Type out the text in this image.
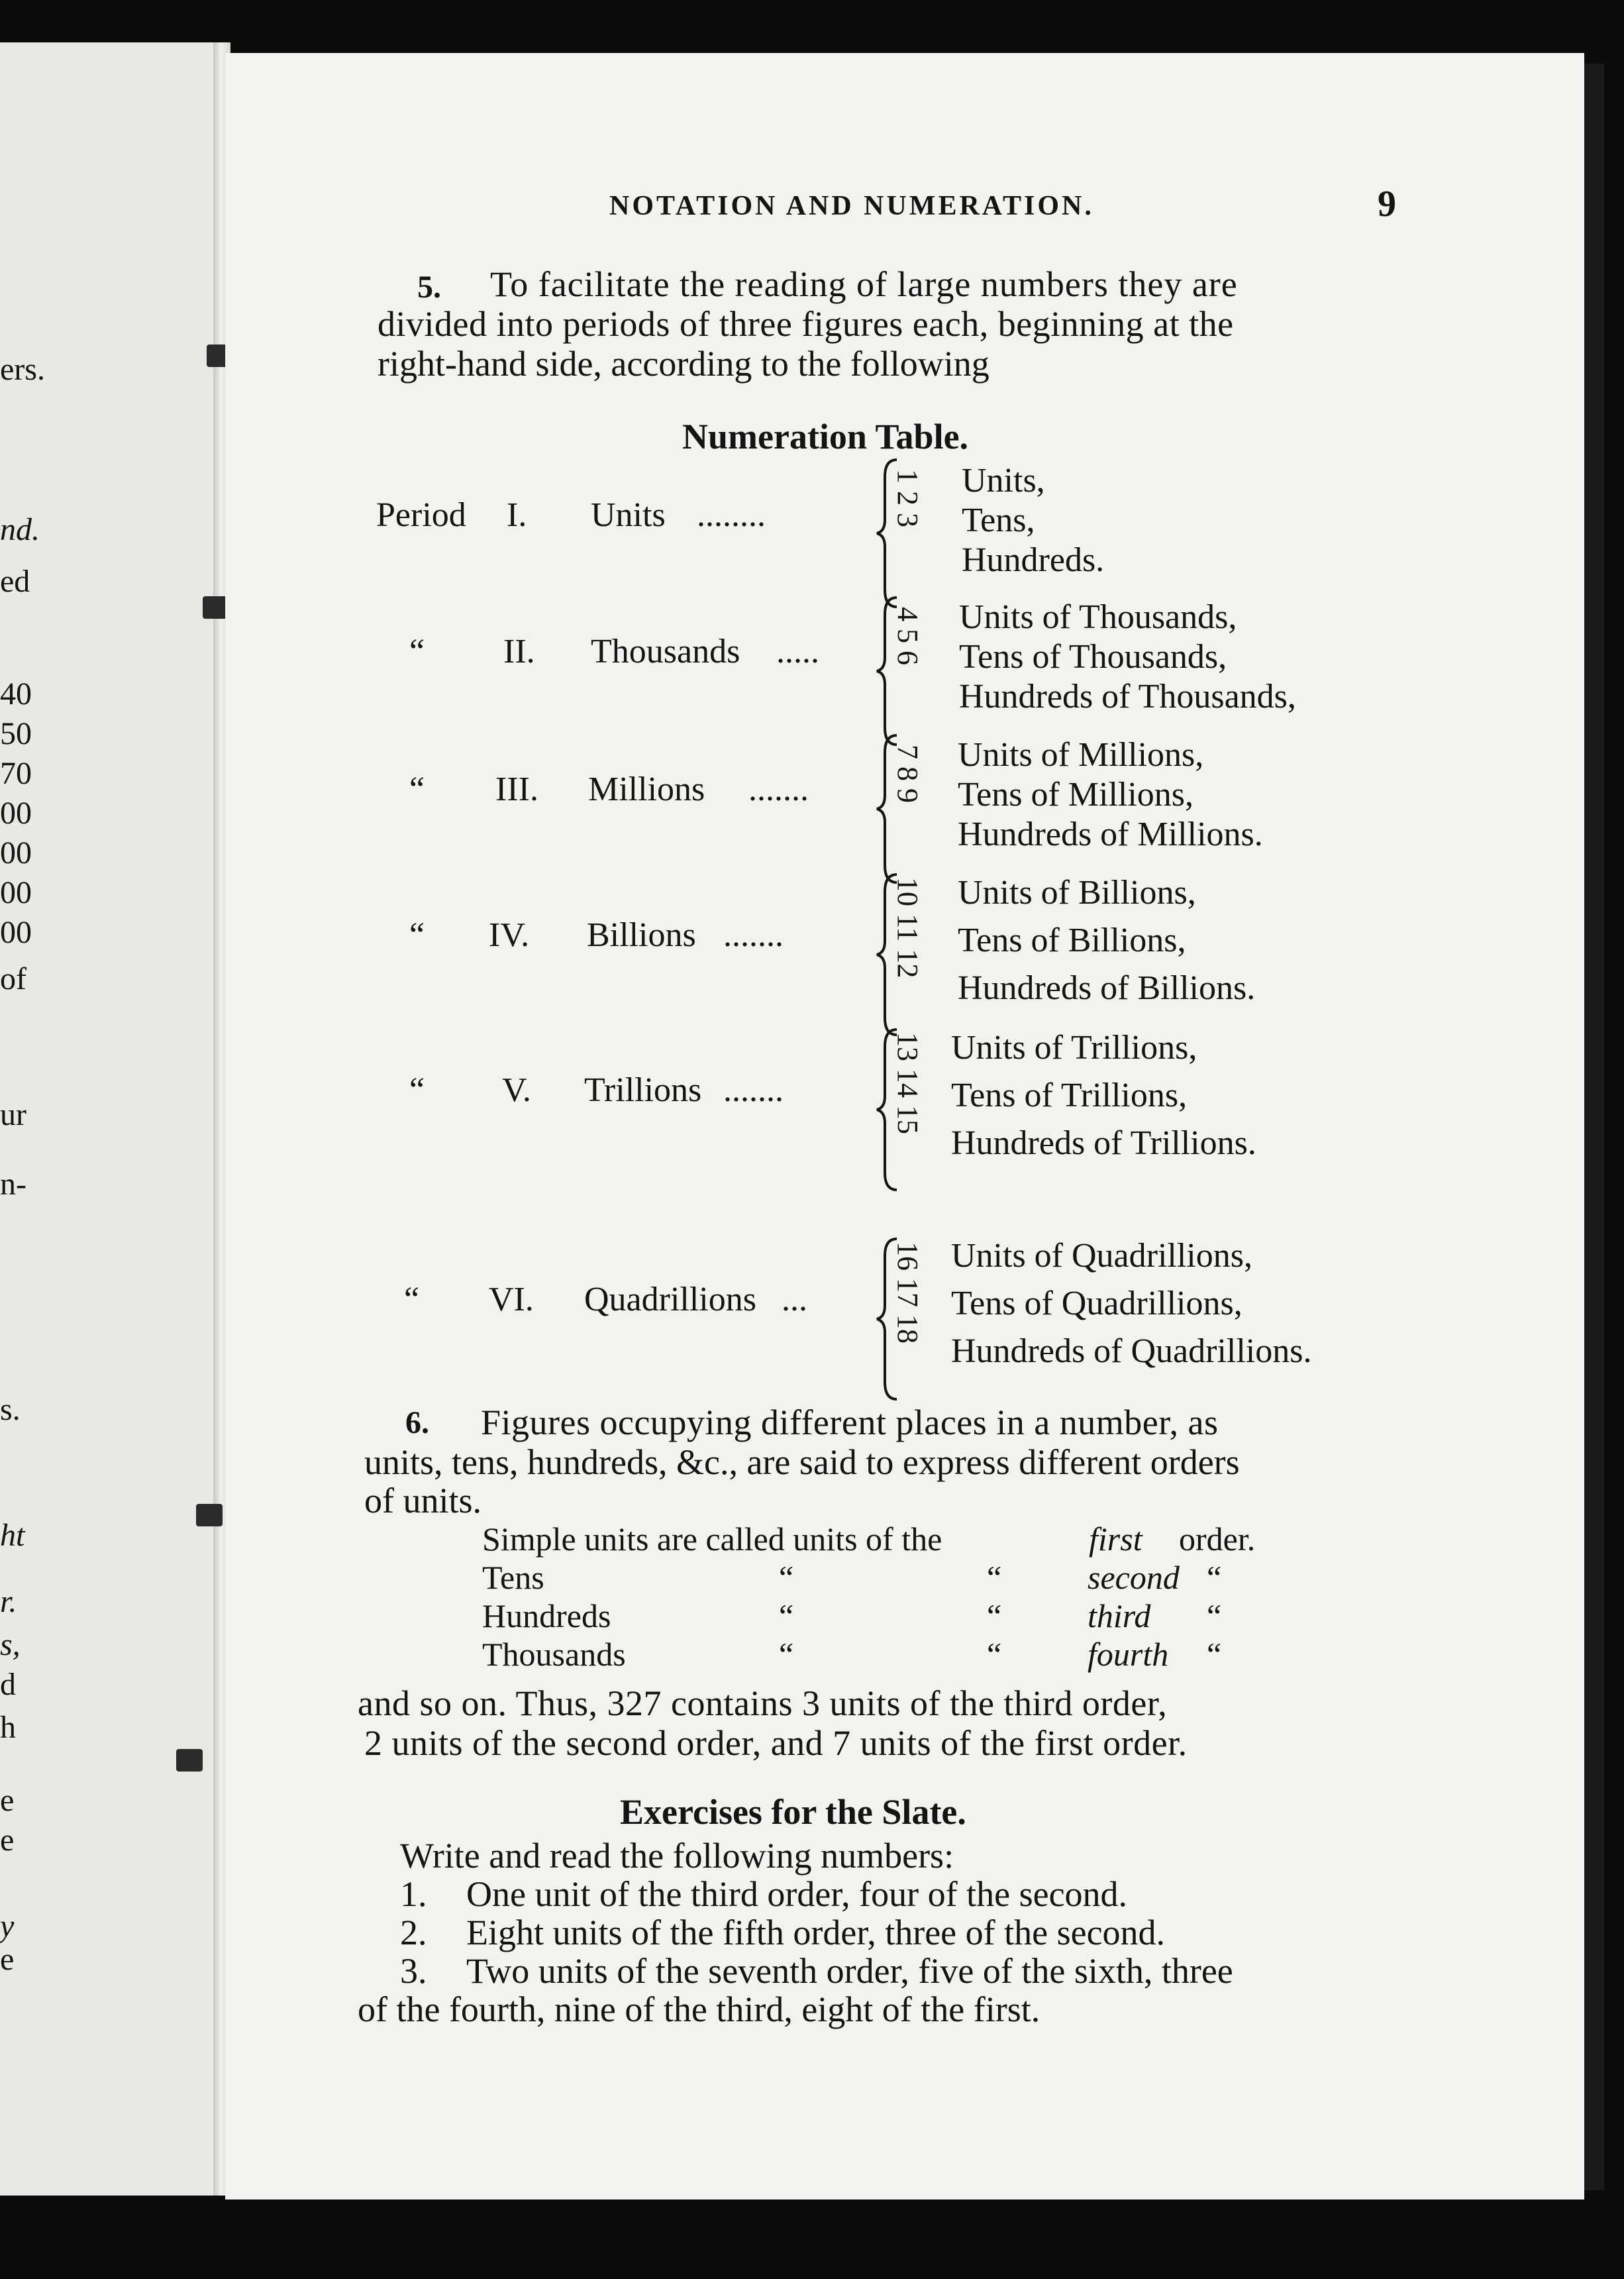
ers.
nd.
ed
40
50
70
00
00
00
00
of
ur
n-
s.
ht
r.
s,
d
h
e
e
y
e
NOTATION AND NUMERATION.	9
5. To facilitate the reading of large numbers they are
divided into periods of three figures each, beginning at the
right-hand side, according to the following
Numeration Table.
Period I. Units ........	1 2 3 Units,
Tens,
Hundreds.
“ II. Thousands ..... 4 5 6 Units of Thousands,
Tens of Thousands,
Hundreds of Thousands,
“ III. Millions .......	7 8 9 Units of Millions,
Tens of Millions,
Hundreds of Millions.
“ IV. Billions .......	10 11 12 Units of Billions,
Tens of Billions,
Hundreds of Billions.
“ V. Trillions .......	13 14 15 Units of Trillions,
Tens of Trillions,
Hundreds of Trillions.
“ VI. Quadrillions ...	16 17 18 Units of Quadrillions,
Tens of Quadrillions,
Hundreds of Quadrillions.
6. Figures occupying different places in a number, as
units, tens, hundreds, &c., are said to express different orders
of units.
Simple units are called units of the	first order.
Tens	“	“	second “
Hundreds	“	“	third “
Thousands	“	“	fourth “
and so on. Thus, 327 contains 3 units of the third order,
2 units of the second order, and 7 units of the first order.
Exercises for the Slate.
Write and read the following numbers:
1. One unit of the third order, four of the second.
2. Eight units of the fifth order, three of the second.
3. Two units of the seventh order, five of the sixth, three
of the fourth, nine of the third, eight of the first.
